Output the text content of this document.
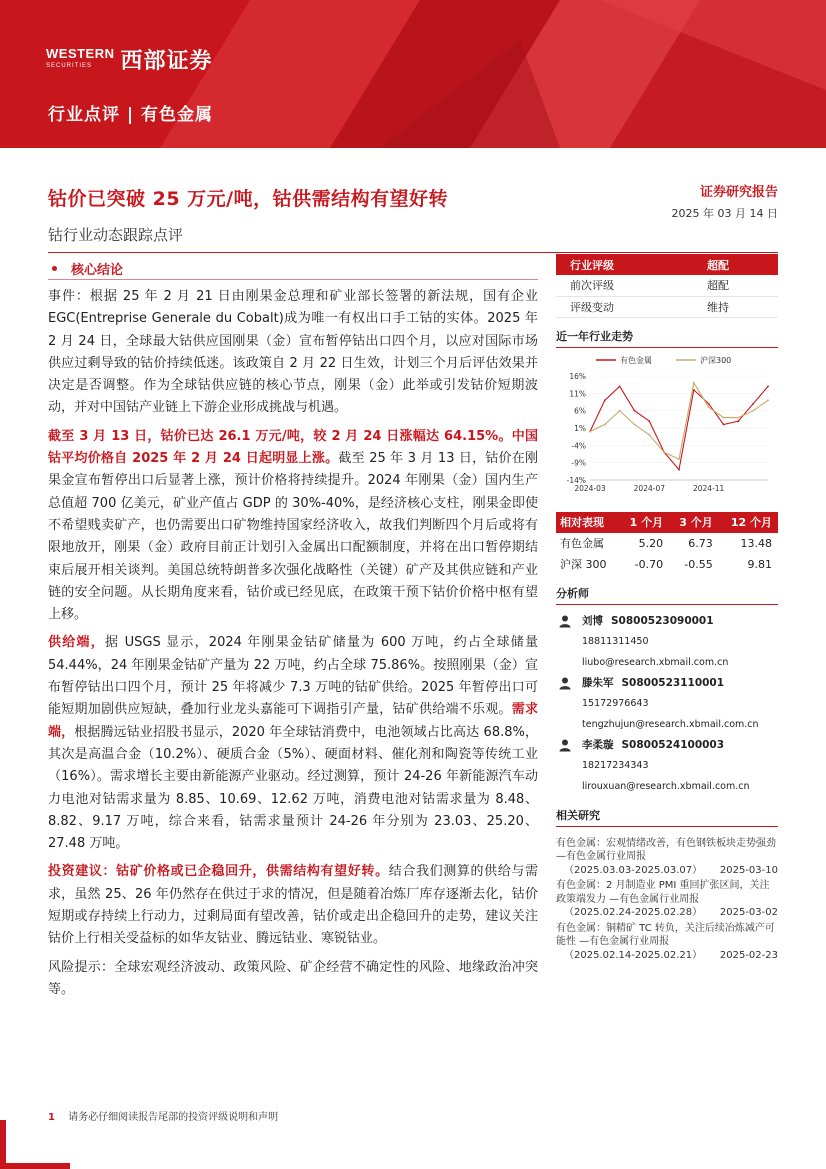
WESTERN
SECURITIES	西部证券
行业点评 | 有色金属
钴价已突破 25 万元/吨，钴供需结构有望好转
钴行业动态跟踪点评
证券研究报告
2025 年 03 月 14 日
核心结论

事件：根据 25 年 2 月 21 日由刚果金总理和矿业部长签署的新法规，国有企业 EGC(Entreprise Generale du Cobalt)成为唯一有权出口手工钴的实体。2025 年 2 月 24 日，全球最大钴供应国刚果（金）宣布暂停钴出口四个月，以应对国际市场供应过剩导致的钴价持续低迷。该政策自 2 月 22 日生效，计划三个月后评估效果并决定是否调整。作为全球钴供应链的核心节点，刚果（金）此举或引发钴价短期波动，并对中国钴产业链上下游企业形成挑战与机遇。

截至 3 月 13 日，钴价已达 26.1 万元/吨，较 2 月 24 日涨幅达 64.15%。中国钴平均价格自 2025 年 2 月 24 日起明显上涨。截至 25 年 3 月 13 日，钴价在刚果金宣布暂停出口后显著上涨，预计价格将持续提升。2024 年刚果（金）国内生产总值超 700 亿美元，矿业产值占 GDP 的 30%-40%，是经济核心支柱，刚果金即使不希望贱卖矿产，也仍需要出口矿物维持国家经济收入，故我们判断四个月后或将有限地放开，刚果（金）政府目前正计划引入金属出口配额制度，并将在出口暂停期结束后展开相关谈判。美国总统特朗普多次强化战略性（关键）矿产及其供应链和产业链的安全问题。从长期角度来看，钴价或已经见底，在政策干预下钴价价格中枢有望上移。

供给端，据 USGS 显示，2024 年刚果金钴矿储量为 600 万吨，约占全球储量 54.44%，24 年刚果金钴矿产量为 22 万吨，约占全球 75.86%。按照刚果（金）宣布暂停钴出口四个月，预计 25 年将减少 7.3 万吨的钴矿供给。2025 年暂停出口可能短期加剧供应短缺，叠加行业龙头嘉能可下调指引产量，钴矿供给端不乐观。需求端，根据腾远钴业招股书显示，2020 年全球钴消费中，电池领域占比高达 68.8%，其次是高温合金（10.2%）、硬质合金（5%）、硬面材料、催化剂和陶瓷等传统工业（16%）。需求增长主要由新能源产业驱动。经过测算，预计 24-26 年新能源汽车动力电池对钴需求量为 8.85、10.69、12.62 万吨，消费电池对钴需求量为 8.48、8.82、9.17 万吨，综合来看，钴需求量预计 24-26 年分别为 23.03、25.20、27.48 万吨。

投资建议：钴矿价格或已企稳回升，供需结构有望好转。结合我们测算的供给与需求，虽然 25、26 年仍然存在供过于求的情况，但是随着冶炼厂库存逐渐去化，钴价短期或存持续上行动力，过剩局面有望改善，钴价或走出企稳回升的走势，建议关注钴价上行相关受益标的如华友钴业、腾远钴业、寒锐钴业。

风险提示：全球宏观经济波动、政策风险、矿企经营不确定性的风险、地缘政治冲突等。

行业评级	超配
前次评级	超配
评级变动	维持
近一年行业走势
有色金属	沪深300
16%
11%
6%
1%
-4%
-9%
-14%
2024-03	2024-07	2024-11
相对表现	1 个月	3 个月	12 个月
有色金属	5.20	6.73	13.48
沪深 300	-0.70	-0.55	9.81
分析师
刘博 S0800523090001
18811311450
liubo@research.xbmail.com.cn
滕朱军 S0800523110001
15172976643
tengzhujun@research.xbmail.com.cn
李柔璇 S0800524100003
18217234343
lirouxuan@research.xbmail.com.cn
相关研究
有色金属：宏观情绪改善，有色钢铁板块走势强劲 —有色金属行业周报
（2025.03.03-2025.03.07） 2025-03-10
有色金属：2 月制造业 PMI 重回扩张区间，关注政策端发力 —有色金属行业周报
（2025.02.24-2025.02.28） 2025-03-02
有色金属：铜精矿 TC 转负，关注后续冶炼减产可能性 —有色金属行业周报
（2025.02.14-2025.02.21） 2025-02-23
1 请务必仔细阅读报告尾部的投资评级说明和声明
